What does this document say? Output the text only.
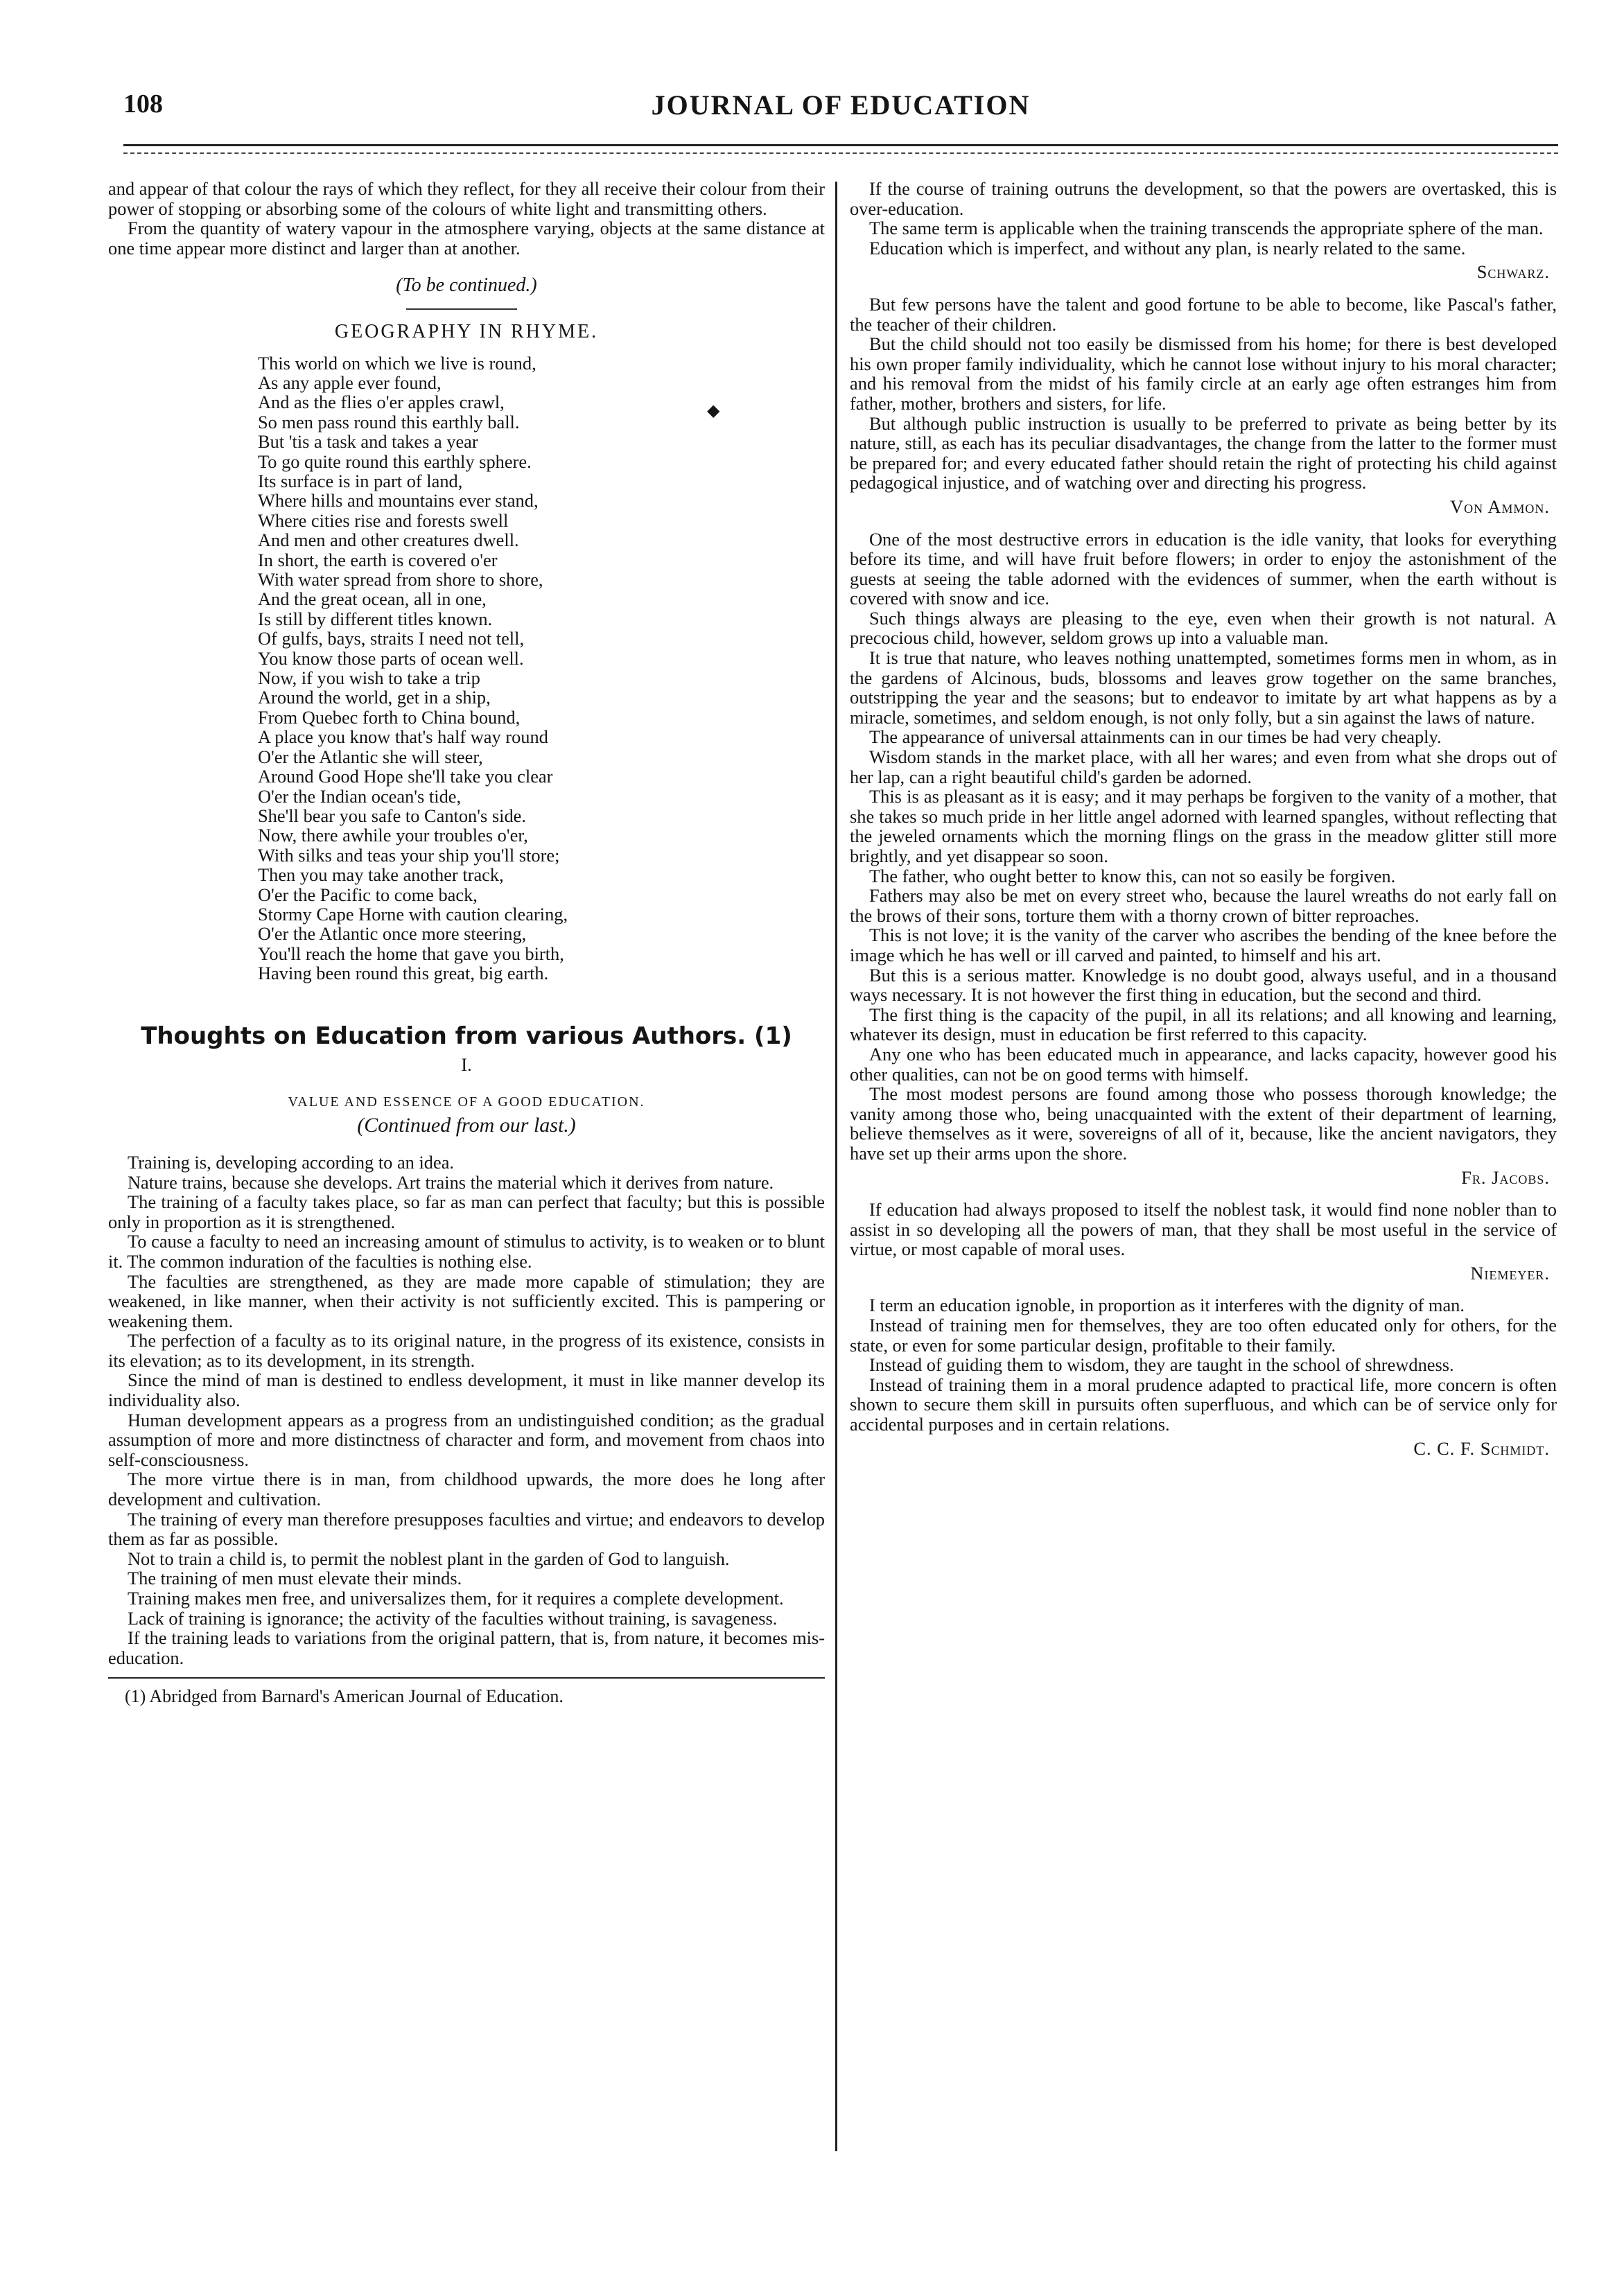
108	JOURNAL OF EDUCATION
◆

and appear of that colour the rays of which they reflect, for they all receive their colour from their power of stopping or absorbing some of the colours of white light and transmitting others.

From the quantity of watery vapour in the atmosphere varying, objects at the same distance at one time appear more distinct and larger than at another.

(To be continued.)
GEOGRAPHY IN RHYME.
This world on which we live is round,
As any apple ever found,
And as the flies o'er apples crawl,
So men pass round this earthly ball.
But 'tis a task and takes a year
To go quite round this earthly sphere.
Its surface is in part of land,
Where hills and mountains ever stand,
Where cities rise and forests swell
And men and other creatures dwell.
In short, the earth is covered o'er
With water spread from shore to shore,
And the great ocean, all in one,
Is still by different titles known.
Of gulfs, bays, straits I need not tell,
You know those parts of ocean well.
Now, if you wish to take a trip
Around the world, get in a ship,
From Quebec forth to China bound,
A place you know that's half way round
O'er the Atlantic she will steer,
Around Good Hope she'll take you clear
O'er the Indian ocean's tide,
She'll bear you safe to Canton's side.
Now, there awhile your troubles o'er,
With silks and teas your ship you'll store;
Then you may take another track,
O'er the Pacific to come back,
Stormy Cape Horne with caution clearing,
O'er the Atlantic once more steering,
You'll reach the home that gave you birth,
Having been round this great, big earth.
Thoughts on Education from various Authors. (1)
I.
VALUE AND ESSENCE OF A GOOD EDUCATION.
(Continued from our last.)

Training is, developing according to an idea.

Nature trains, because she develops. Art trains the material which it derives from nature.

The training of a faculty takes place, so far as man can perfect that faculty; but this is possible only in proportion as it is strengthened.

To cause a faculty to need an increasing amount of stimulus to activity, is to weaken or to blunt it. The common induration of the faculties is nothing else.

The faculties are strengthened, as they are made more capable of stimulation; they are weakened, in like manner, when their activity is not sufficiently excited. This is pampering or weakening them.

The perfection of a faculty as to its original nature, in the progress of its existence, consists in its elevation; as to its development, in its strength.

Since the mind of man is destined to endless development, it must in like manner develop its individuality also.

Human development appears as a progress from an undistinguished condition; as the gradual assumption of more and more distinctness of character and form, and movement from chaos into self-consciousness.

The more virtue there is in man, from childhood upwards, the more does he long after development and cultivation.

The training of every man therefore presupposes faculties and virtue; and endeavors to develop them as far as possible.

Not to train a child is, to permit the noblest plant in the garden of God to languish.

The training of men must elevate their minds.

Training makes men free, and universalizes them, for it requires a complete development.

Lack of training is ignorance; the activity of the faculties without training, is savageness.

If the training leads to variations from the original pattern, that is, from nature, it becomes mis-education.

(1) Abridged from Barnard's American Journal of Education.

If the course of training outruns the development, so that the powers are overtasked, this is over-education.

The same term is applicable when the training transcends the appropriate sphere of the man.

Education which is imperfect, and without any plan, is nearly related to the same.

Schwarz.

But few persons have the talent and good fortune to be able to become, like Pascal's father, the teacher of their children.

But the child should not too easily be dismissed from his home; for there is best developed his own proper family individuality, which he cannot lose without injury to his moral character; and his removal from the midst of his family circle at an early age often estranges him from father, mother, brothers and sisters, for life.

But although public instruction is usually to be preferred to private as being better by its nature, still, as each has its peculiar disadvantages, the change from the latter to the former must be prepared for; and every educated father should retain the right of protecting his child against pedagogical injustice, and of watching over and directing his progress.

Von Ammon.

One of the most destructive errors in education is the idle vanity, that looks for everything before its time, and will have fruit before flowers; in order to enjoy the astonishment of the guests at seeing the table adorned with the evidences of summer, when the earth without is covered with snow and ice.

Such things always are pleasing to the eye, even when their growth is not natural. A precocious child, however, seldom grows up into a valuable man.

It is true that nature, who leaves nothing unattempted, sometimes forms men in whom, as in the gardens of Alcinous, buds, blossoms and leaves grow together on the same branches, outstripping the year and the seasons; but to endeavor to imitate by art what happens as by a miracle, sometimes, and seldom enough, is not only folly, but a sin against the laws of nature.

The appearance of universal attainments can in our times be had very cheaply.

Wisdom stands in the market place, with all her wares; and even from what she drops out of her lap, can a right beautiful child's garden be adorned.

This is as pleasant as it is easy; and it may perhaps be forgiven to the vanity of a mother, that she takes so much pride in her little angel adorned with learned spangles, without reflecting that the jeweled ornaments which the morning flings on the grass in the meadow glitter still more brightly, and yet disappear so soon.

The father, who ought better to know this, can not so easily be forgiven.

Fathers may also be met on every street who, because the laurel wreaths do not early fall on the brows of their sons, torture them with a thorny crown of bitter reproaches.

This is not love; it is the vanity of the carver who ascribes the bending of the knee before the image which he has well or ill carved and painted, to himself and his art.

But this is a serious matter. Knowledge is no doubt good, always useful, and in a thousand ways necessary. It is not however the first thing in education, but the second and third.

The first thing is the capacity of the pupil, in all its relations; and all knowing and learning, whatever its design, must in education be first referred to this capacity.

Any one who has been educated much in appearance, and lacks capacity, however good his other qualities, can not be on good terms with himself.

The most modest persons are found among those who possess thorough knowledge; the vanity among those who, being unacquainted with the extent of their department of learning, believe themselves as it were, sovereigns of all of it, because, like the ancient navigators, they have set up their arms upon the shore.

Fr. Jacobs.

If education had always proposed to itself the noblest task, it would find none nobler than to assist in so developing all the powers of man, that they shall be most useful in the service of virtue, or most capable of moral uses.

Niemeyer.

I term an education ignoble, in proportion as it interferes with the dignity of man.

Instead of training men for themselves, they are too often educated only for others, for the state, or even for some particular design, profitable to their family.

Instead of guiding them to wisdom, they are taught in the school of shrewdness.

Instead of training them in a moral prudence adapted to practical life, more concern is often shown to secure them skill in pursuits often superfluous, and which can be of service only for accidental purposes and in certain relations.

C. C. F. Schmidt.
